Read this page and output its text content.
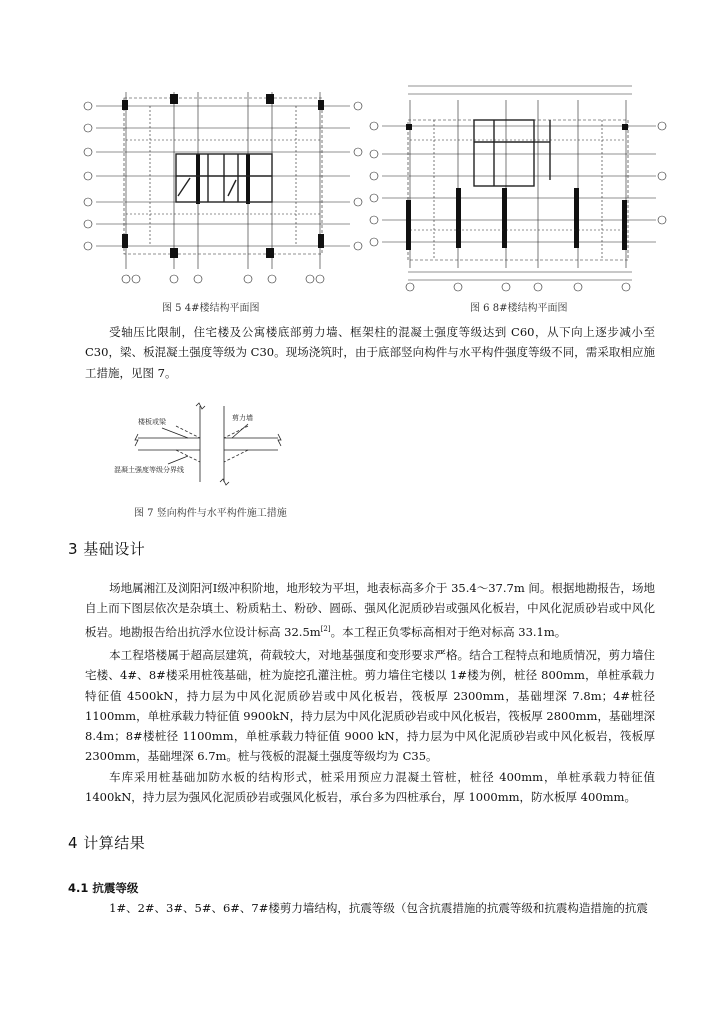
图 5 4#楼结构平面图	图 6 8#楼结构平面图

受轴压比限制，住宅楼及公寓楼底部剪力墙、框架柱的混凝土强度等级达到 C60，从下向上逐步减小至 C30，梁、板混凝土强度等级为 C30。现场浇筑时，由于底部竖向构件与水平构件强度等级不同，需采取相应施工措施，见图 7。

楼板或梁	剪力墙
混凝土强度等级分界线
图 7 竖向构件与水平构件施工措施
3 基础设计

场地属湘江及浏阳河Ⅰ级冲积阶地，地形较为平坦，地表标高多介于 35.4～37.7m 间。根据地勘报告，场地自上而下图层依次是杂填土、粉质粘土、粉砂、圆砾、强风化泥质砂岩或强风化板岩，中风化泥质砂岩或中风化板岩。地勘报告给出抗浮水位设计标高 32.5m[2]。本工程正负零标高相对于绝对标高 33.1m。

本工程塔楼属于超高层建筑，荷载较大，对地基强度和变形要求严格。结合工程特点和地质情况，剪力墙住宅楼、4#、8#楼采用桩筏基础，桩为旋挖孔灌注桩。剪力墙住宅楼以 1#楼为例，桩径 800mm，单桩承载力特征值 4500kN，持力层为中风化泥质砂岩或中风化板岩，筏板厚 2300mm，基础埋深 7.8m；4#桩径 1100mm，单桩承载力特征值 9900kN，持力层为中风化泥质砂岩或中风化板岩，筏板厚 2800mm，基础埋深 8.4m；8#楼桩径 1100mm，单桩承载力特征值 9000 kN，持力层为中风化泥质砂岩或中风化板岩，筏板厚 2300mm，基础埋深 6.7m。桩与筏板的混凝土强度等级均为 C35。

车库采用桩基础加防水板的结构形式，桩采用预应力混凝土管桩，桩径 400mm，单桩承载力特征值 1400kN，持力层为强风化泥质砂岩或强风化板岩，承台多为四桩承台，厚 1000mm，防水板厚 400mm。

4 计算结果
4.1 抗震等级

1#、2#、3#、5#、6#、7#楼剪力墙结构，抗震等级（包含抗震措施的抗震等级和抗震构造措施的抗震
